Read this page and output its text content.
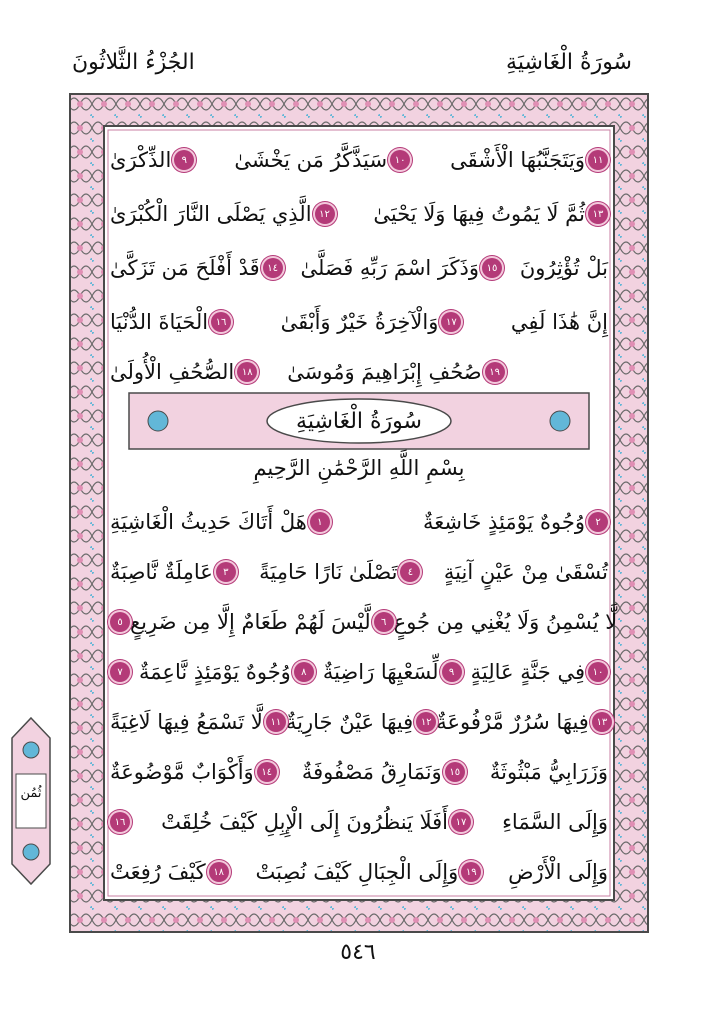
سُورَةُ الْغَاشِيَةِ
الجُزْءُ الثَّلاثُونَ
الذِّكْرَىٰ	٩	سَيَذَّكَّرُ مَن يَخْشَىٰ ١٠ وَيَتَجَنَّبُهَا الْأَشْقَى ١١
الَّذِي يَصْلَى النَّارَ الْكُبْرَىٰ ١٢ ثُمَّ لَا يَمُوتُ فِيهَا وَلَا يَحْيَىٰ ١٣
قَدْ أَفْلَحَ مَن تَزَكَّىٰ ١٤ وَذَكَرَ اسْمَ رَبِّهِ فَصَلَّىٰ ١٥ بَلْ تُؤْثِرُونَ
الْحَيَاةَ الدُّنْيَا ١٦	وَالْآخِرَةُ خَيْرٌ وَأَبْقَىٰ ١٧	إِنَّ هَٰذَا لَفِي
الصُّحُفِ الْأُولَىٰ ١٨ صُحُفِ إِبْرَاهِيمَ وَمُوسَىٰ ١٩
سُورَةُ الْغَاشِيَةِ
بِسْمِ اللَّهِ الرَّحْمَٰنِ الرَّحِيمِ
هَلْ أَتَاكَ حَدِيثُ الْغَاشِيَةِ	١	وُجُوهٌ يَوْمَئِذٍ خَاشِعَةٌ	٢
عَامِلَةٌ نَّاصِبَةٌ	٣	تَصْلَىٰ نَارًا حَامِيَةً	٤	تُسْقَىٰ مِنْ عَيْنٍ آنِيَةٍ
٥ لَّيْسَ لَهُمْ طَعَامٌ إِلَّا مِن ضَرِيعٍ	٦ لَّا يُسْمِنُ وَلَا يُغْنِي مِن جُوعٍ
٧ وُجُوهٌ يَوْمَئِذٍ نَّاعِمَةٌ	٨ لِّسَعْيِهَا رَاضِيَةٌ	٩ فِي جَنَّةٍ عَالِيَةٍ ١٠
لَّا تَسْمَعُ فِيهَا لَاغِيَةً ١١ فِيهَا عَيْنٌ جَارِيَةٌ ١٢ فِيهَا سُرُرٌ مَّرْفُوعَةٌ ١٣
وَأَكْوَابٌ مَّوْضُوعَةٌ ١٤ وَنَمَارِقُ مَصْفُوفَةٌ ١٥ وَزَرَابِيُّ مَبْثُوثَةٌ
١٦ أَفَلَا يَنظُرُونَ إِلَى الْإِبِلِ كَيْفَ خُلِقَتْ ١٧ وَإِلَى السَّمَاءِ
كَيْفَ رُفِعَتْ ١٨ وَإِلَى الْجِبَالِ كَيْفَ نُصِبَتْ ١٩ وَإِلَى الْأَرْضِ
ثُمُن
٥٤٦
